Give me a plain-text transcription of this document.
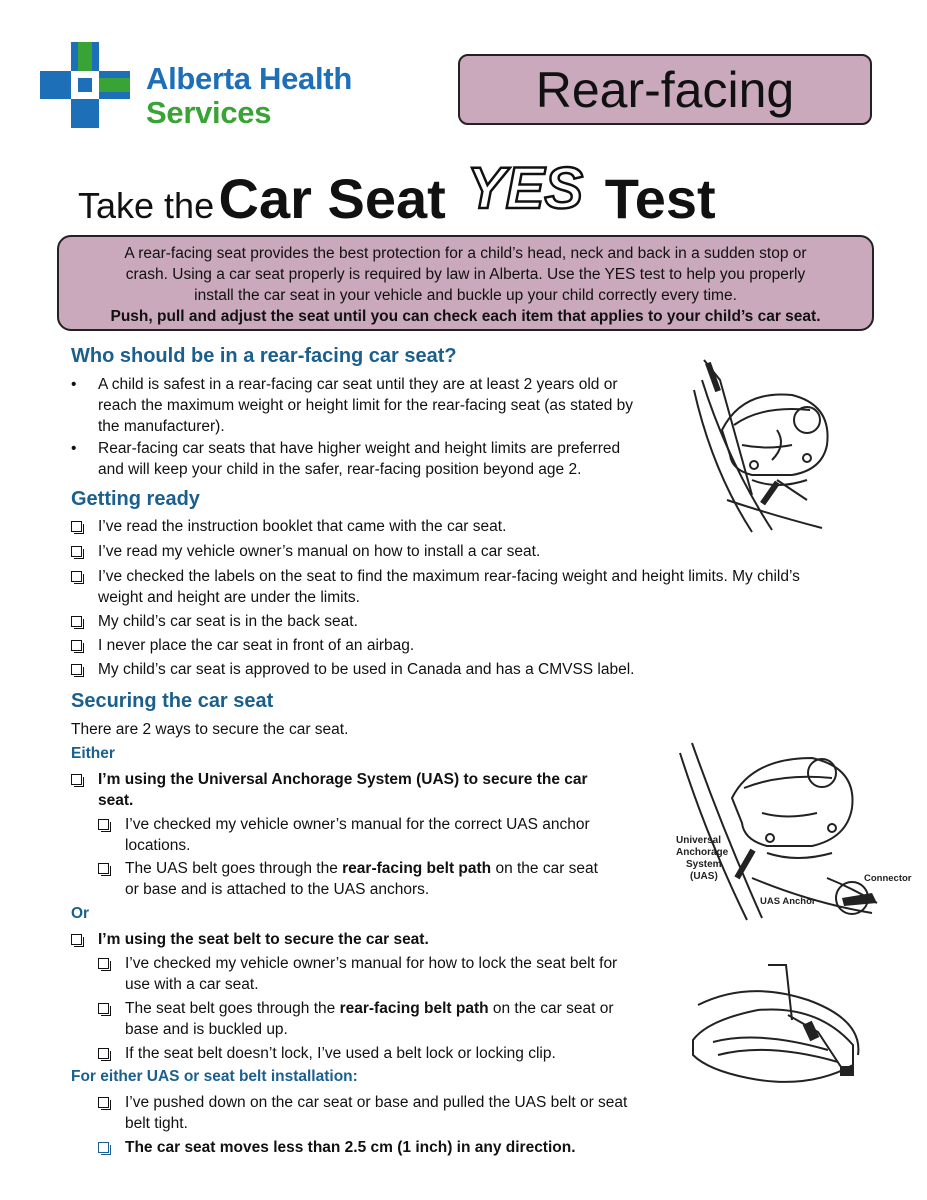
Alberta Health
Services	Rear-facing
Take the Car Seat YES Test
A rear-facing seat provides the best protection for a child’s head, neck and back in a sudden stop or
crash. Using a car seat properly is required by law in Alberta. Use the YES test to help you properly
install the car seat in your vehicle and buckle up your child correctly every time.
Push, pull and adjust the seat until you can check each item that applies to your child’s car seat.
Who should be in a rear-facing car seat?
• A child is safest in a rear-facing car seat until they are at least 2 years old or
reach the maximum weight or height limit for the rear-facing seat (as stated by
the manufacturer).
• Rear-facing car seats that have higher weight and height limits are preferred
and will keep your child in the safer, rear-facing position beyond age 2.
Getting ready
I’ve read the instruction booklet that came with the car seat.
I’ve read my vehicle owner’s manual on how to install a car seat.
I’ve checked the labels on the seat to find the maximum rear-facing weight and height limits. My child’s
weight and height are under the limits.
My child’s car seat is in the back seat.
I never place the car seat in front of an airbag.
My child’s car seat is approved to be used in Canada and has a CMVSS label.
Securing the car seat
There are 2 ways to secure the car seat.
Either
I’m using the Universal Anchorage System (UAS) to secure the car
seat.
I’ve checked my vehicle owner’s manual for the correct UAS anchor
locations.
The UAS belt goes through the rear-facing belt path on the car seat
or base and is attached to the UAS anchors.
Universal
Anchorage
System
(UAS)	Connector
UAS Anchor
Or
I’m using the seat belt to secure the car seat.
I’ve checked my vehicle owner’s manual for how to lock the seat belt for
use with a car seat.
The seat belt goes through the rear-facing belt path on the car seat or
base and is buckled up.
If the seat belt doesn’t lock, I’ve used a belt lock or locking clip.
For either UAS or seat belt installation:
I’ve pushed down on the car seat or base and pulled the UAS belt or seat
belt tight.
The car seat moves less than 2.5 cm (1 inch) in any direction.
